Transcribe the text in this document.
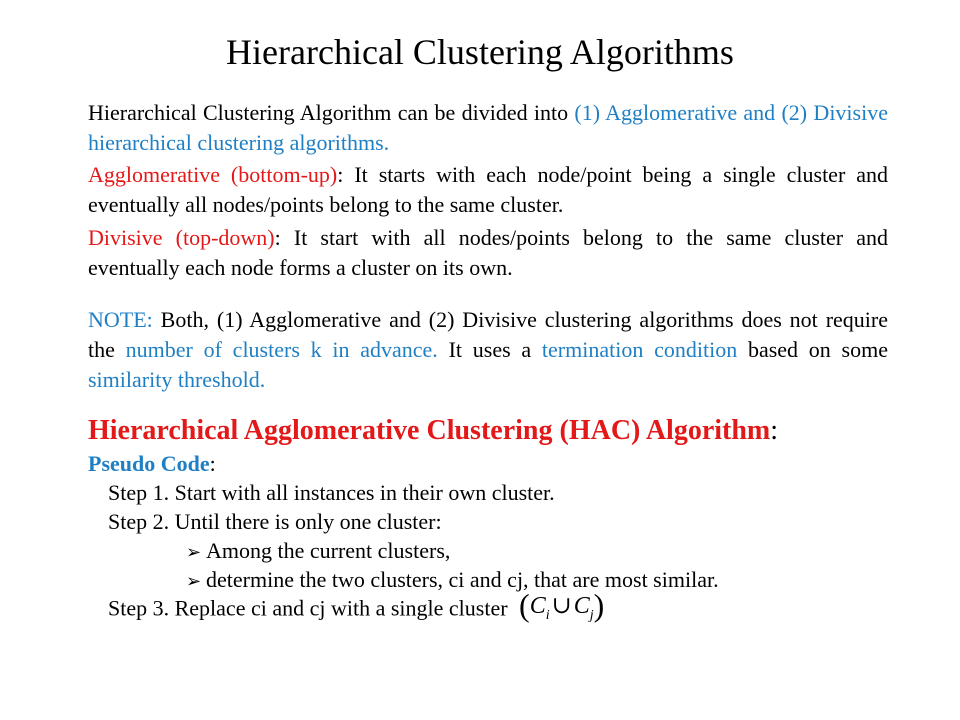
Hierarchical Clustering Algorithms
Hierarchical Clustering Algorithm can be divided into (1) Agglomerative and (2) Divisive hierarchical clustering algorithms.
Agglomerative (bottom-up): It starts with each node/point being a single cluster and eventually all nodes/points belong to the same cluster.
Divisive (top-down): It start with all nodes/points belong to the same cluster and eventually each node forms a cluster on its own.
NOTE: Both, (1) Agglomerative and (2) Divisive clustering algorithms does not require the number of clusters k in advance. It uses a termination condition based on some similarity threshold.
Hierarchical Agglomerative Clustering (HAC) Algorithm:
Pseudo Code:
Step 1. Start with all instances in their own cluster.
Step 2. Until there is only one cluster:
➢ Among the current clusters,
➢ determine the two clusters, ci and cj, that are most similar.
Step 3. Replace ci and cj with a single cluster $(C_i\cup C_j)$
